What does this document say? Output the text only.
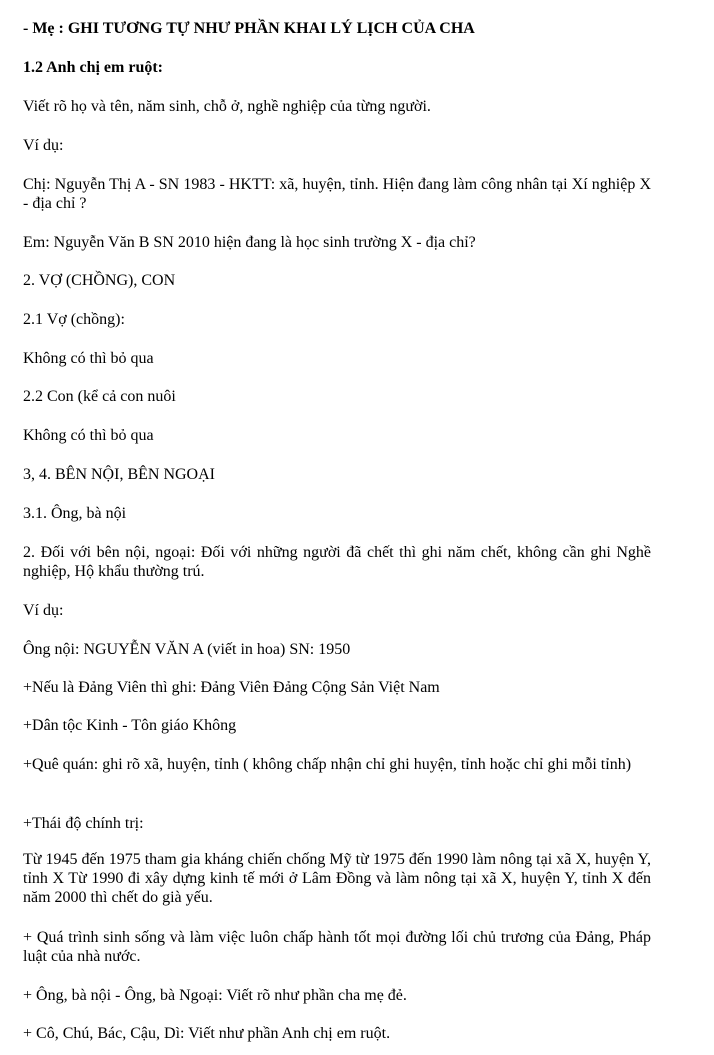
- Mẹ : GHI TƯƠNG TỰ NHƯ PHẦN KHAI LÝ LỊCH CỦA CHA

1.2 Anh chị em ruột:

Viết rõ họ và tên, năm sinh, chỗ ở, nghề nghiệp của từng người.

Ví dụ:

Chị: Nguyễn Thị A - SN 1983 - HKTT: xã, huyện, tỉnh. Hiện đang làm công nhân tại Xí nghiệp X - địa chỉ ?

Em: Nguyễn Văn B SN 2010 hiện đang là học sinh trường X - địa chỉ?

2. VỢ (CHỒNG), CON

2.1 Vợ (chồng):

Không có thì bỏ qua

2.2 Con (kể cả con nuôi

Không có thì bỏ qua

3, 4. BÊN NỘI, BÊN NGOẠI

3.1. Ông, bà nội

2. Đối với bên nội, ngoại: Đối với những người đã chết thì ghi năm chết, không cần ghi Nghề nghiệp, Hộ khẩu thường trú.

Ví dụ:

Ông nội: NGUYỄN VĂN A (viết in hoa) SN: 1950

+Nếu là Đảng Viên thì ghi: Đảng Viên Đảng Cộng Sản Việt Nam

+Dân tộc Kinh - Tôn giáo Không

+Quê quán: ghi rõ xã, huyện, tỉnh ( không chấp nhận chỉ ghi huyện, tỉnh hoặc chỉ ghi mỗi tỉnh)

+Thái độ chính trị:

Từ 1945 đến 1975 tham gia kháng chiến chống Mỹ từ 1975 đến 1990 làm nông tại xã X, huyện Y, tỉnh X Từ 1990 đi xây dựng kinh tế mới ở Lâm Đồng và làm nông tại xã X, huyện Y, tỉnh X đến năm 2000 thì chết do già yếu.

+ Quá trình sinh sống và làm việc luôn chấp hành tốt mọi đường lối chủ trương của Đảng, Pháp luật của nhà nước.

+ Ông, bà nội - Ông, bà Ngoại: Viết rõ như phần cha mẹ đẻ.

+ Cô, Chú, Bác, Cậu, Dì: Viết như phần Anh chị em ruột.
